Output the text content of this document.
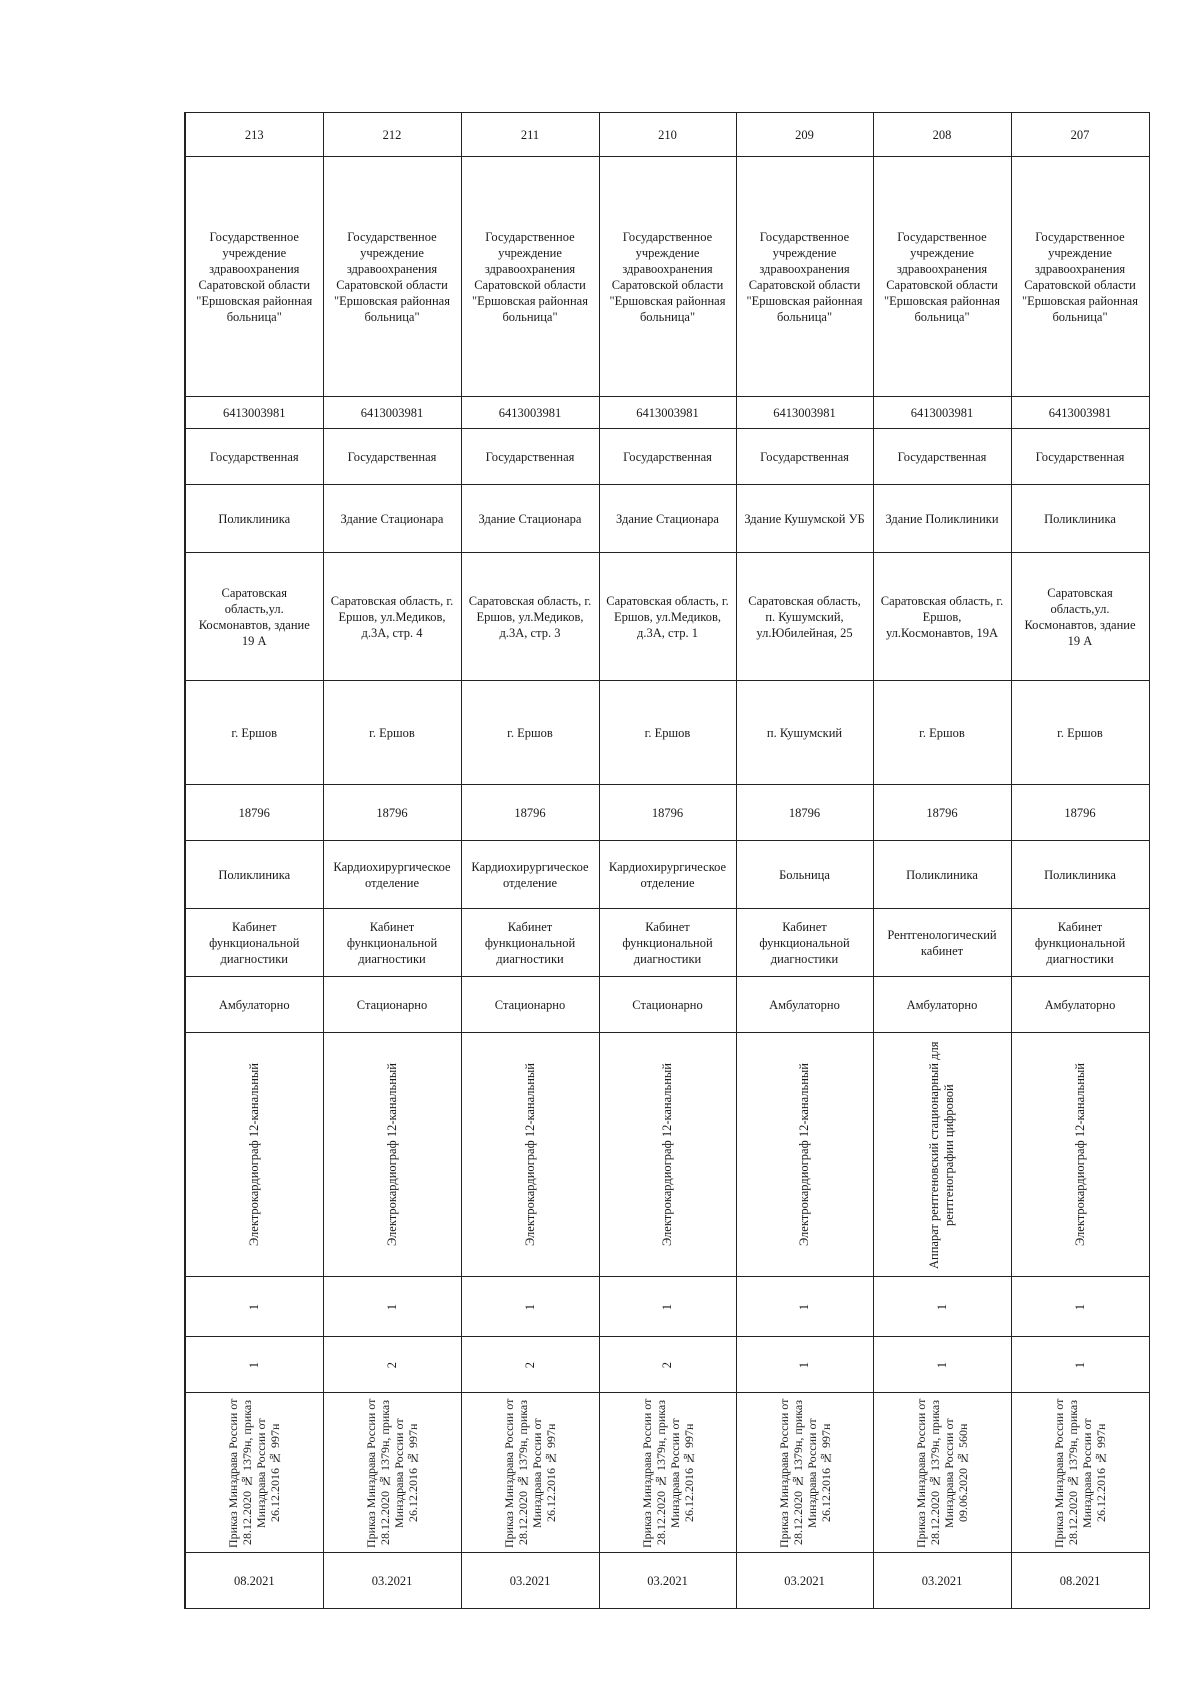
213	212	211	210	209	208	207
Государственное учреждение здравоохранения Саратовской области "Ершовская районная больница"	Государственное учреждение здравоохранения Саратовской области "Ершовская районная больница"	Государственное учреждение здравоохранения Саратовской области "Ершовская районная больница"	Государственное учреждение здравоохранения Саратовской области "Ершовская районная больница"	Государственное учреждение здравоохранения Саратовской области "Ершовская районная больница"	Государственное учреждение здравоохранения Саратовской области "Ершовская районная больница"	Государственное учреждение здравоохранения Саратовской области "Ершовская районная больница"
6413003981	6413003981	6413003981	6413003981	6413003981	6413003981	6413003981
Государственная	Государственная	Государственная	Государственная	Государственная	Государственная	Государственная
Поликлиника	Здание Стационара	Здание Стационара	Здание Стационара	Здание Кушумской УБ	Здание Поликлиники	Поликлиника
Саратовская область,ул. Космонавтов, здание 19 А	Саратовская область, г. Ершов, ул.Медиков, д.3А, стр. 4	Саратовская область, г. Ершов, ул.Медиков, д.3А, стр. 3	Саратовская область, г. Ершов, ул.Медиков, д.3А, стр. 1	Саратовская область, п. Кушумский, ул.Юбилейная, 25	Саратовская область, г. Ершов, ул.Космонавтов, 19А	Саратовская область,ул. Космонавтов, здание 19 А
г. Ершов	г. Ершов	г. Ершов	г. Ершов	п. Кушумский	г. Ершов	г. Ершов
18796	18796	18796	18796	18796	18796	18796
Поликлиника	Кардиохирургическое отделение	Кардиохирургическое отделение	Кардиохирургическое отделение	Больница	Поликлиника	Поликлиника
Кабинет функциональной диагностики	Кабинет функциональной диагностики	Кабинет функциональной диагностики	Кабинет функциональной диагностики	Кабинет функциональной диагностики	Рентгенологический кабинет	Кабинет функциональной диагностики
Амбулаторно	Стационарно	Стационарно	Стационарно	Амбулаторно	Амбулаторно	Амбулаторно

Электрокардиограф 12-канальный	Электрокардиограф 12-канальный	Электрокардиограф 12-канальный	Электрокардиограф 12-канальный	Электрокардиограф 12-канальный	Аппарат рентгеновский стационарный для рентгенографии цифровой	Электрокардиограф 12-канальный

1	1	1	1	1	1	1
1	2	2	2	1	1	1

Приказ Минздрава России от 28.12.2020 № 1379н, приказ Минздрава России от 26.12.2016 № 997н	Приказ Минздрава России от 28.12.2020 № 1379н, приказ Минздрава России от 26.12.2016 № 997н	Приказ Минздрава России от 28.12.2020 № 1379н, приказ Минздрава России от 26.12.2016 № 997н	Приказ Минздрава России от 28.12.2020 № 1379н, приказ Минздрава России от 26.12.2016 № 997н	Приказ Минздрава России от 28.12.2020 № 1379н, приказ Минздрава России от 26.12.2016 № 997н	Приказ Минздрава России от 28.12.2020 № 1379н, приказ Минздрава России от 09.06.2020 № 560н	Приказ Минздрава России от 28.12.2020 № 1379н, приказ Минздрава России от 26.12.2016 № 997н

08.2021	03.2021	03.2021	03.2021	03.2021	03.2021	08.2021
